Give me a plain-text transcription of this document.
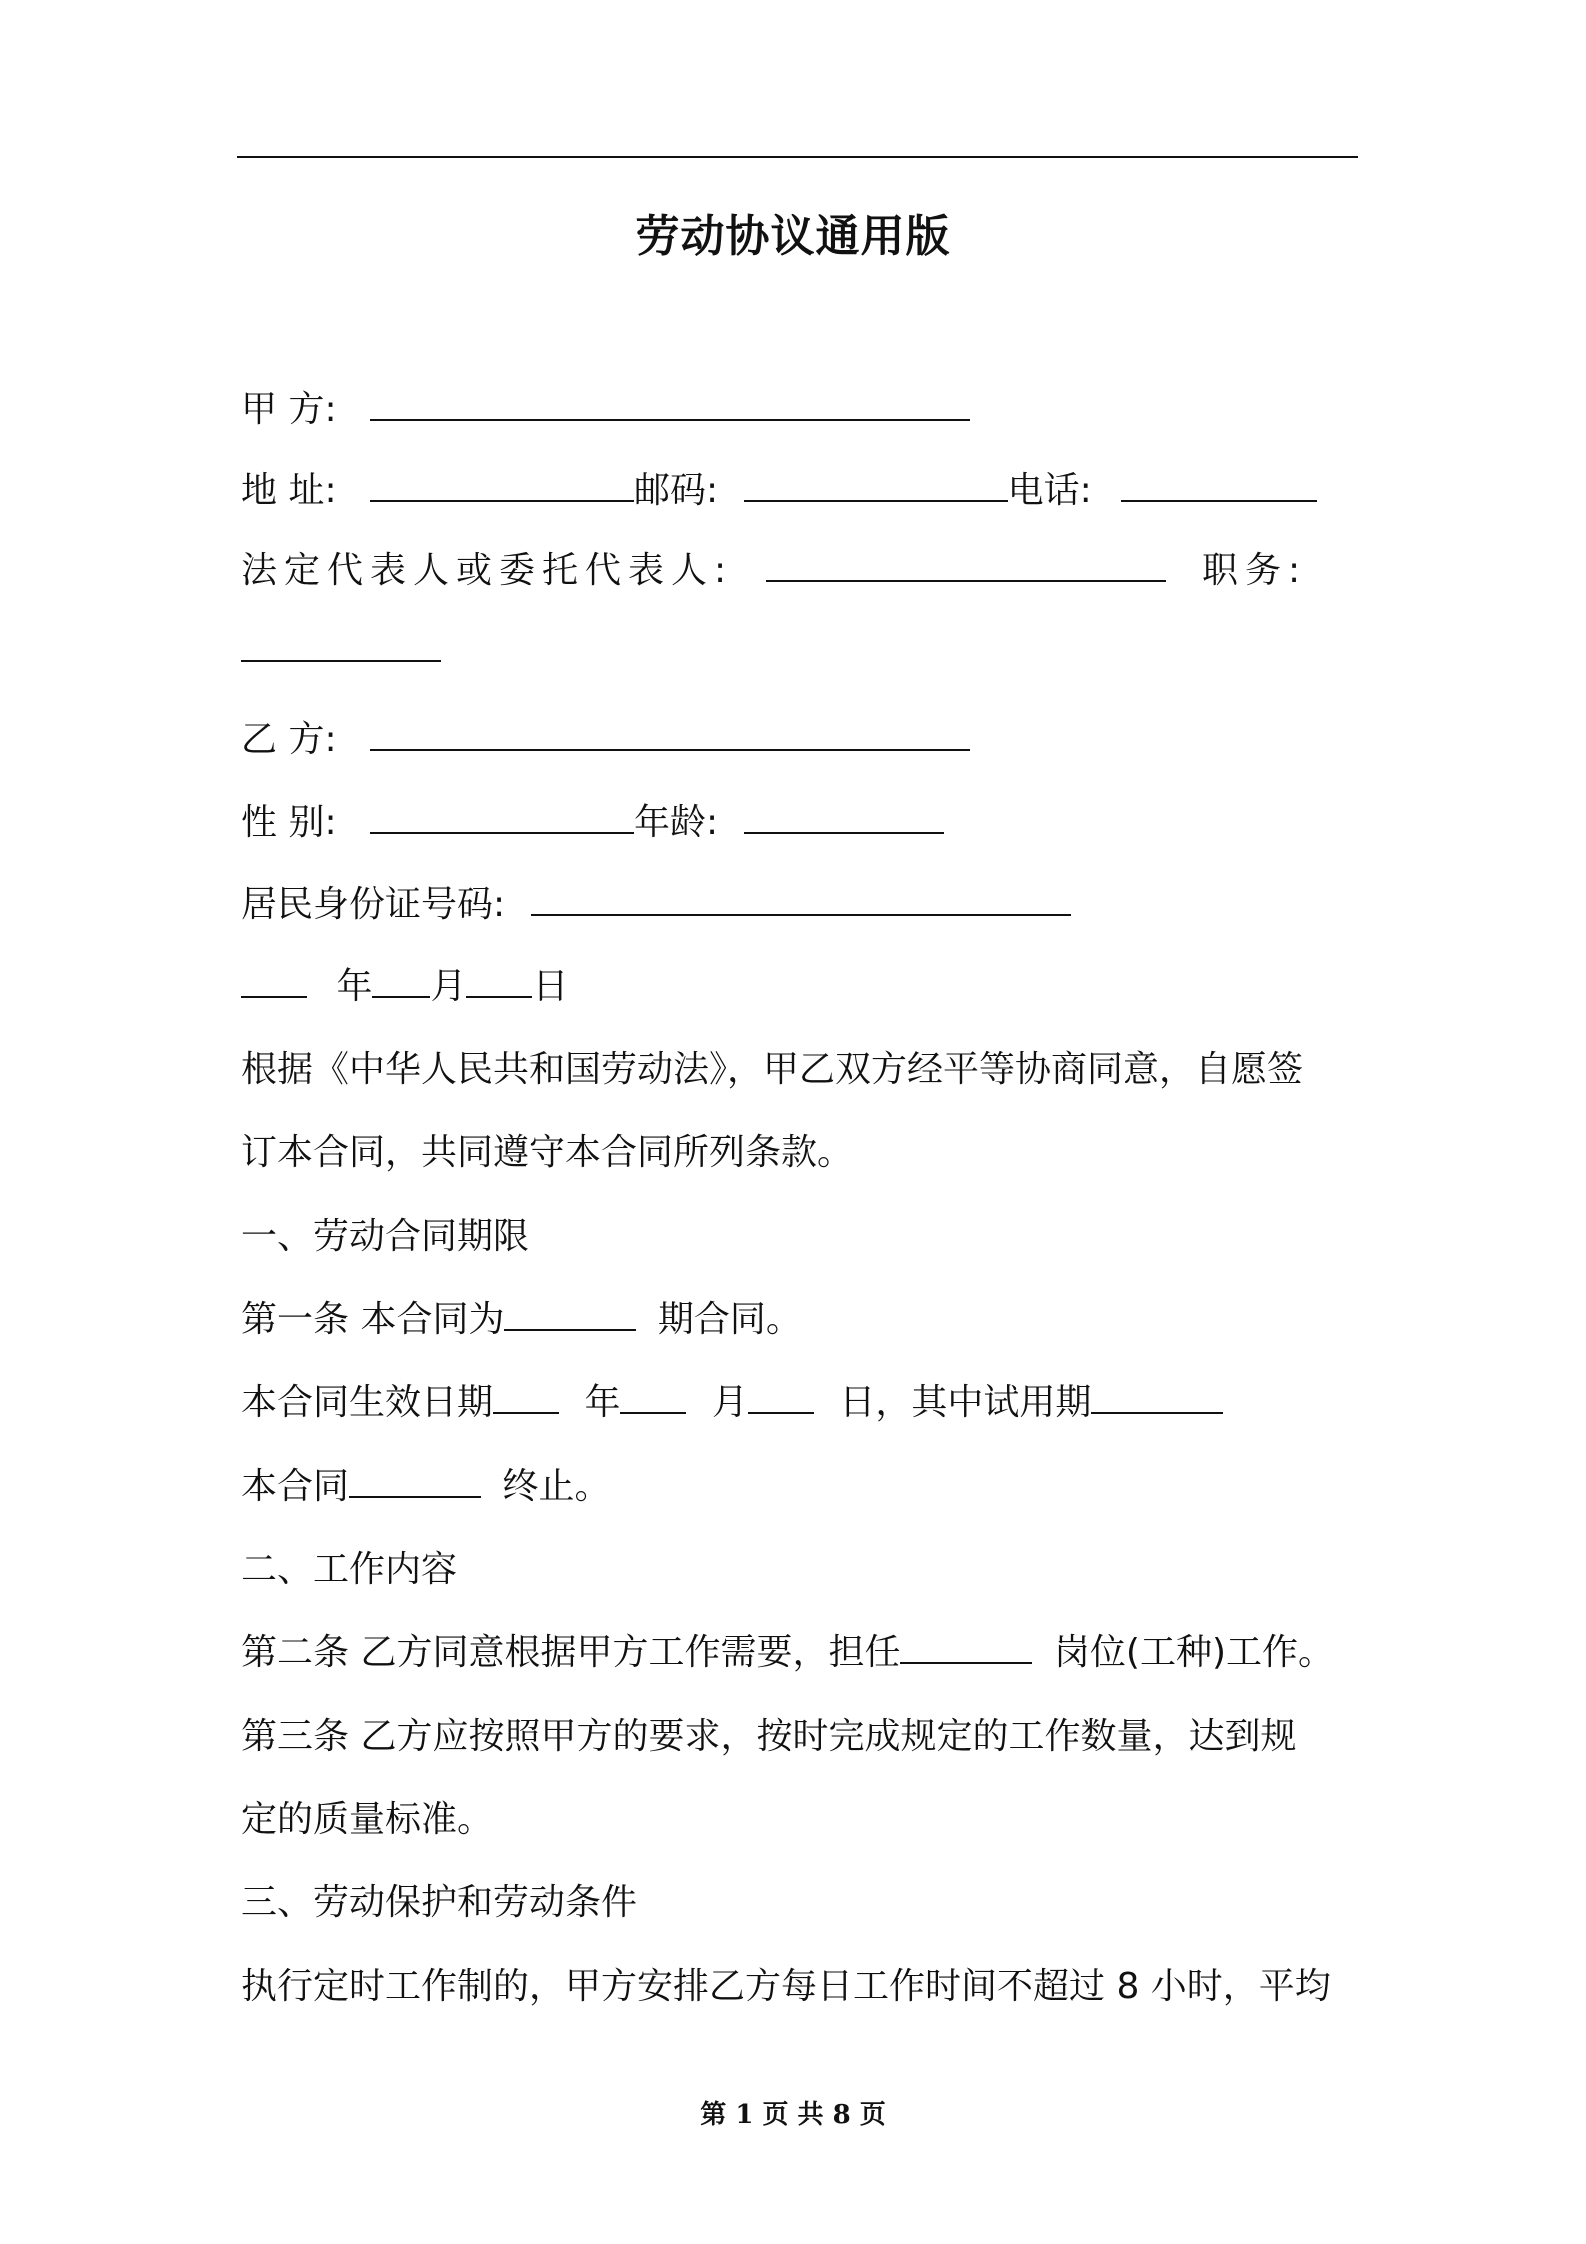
劳动协议通用版
甲 方:
地 址:	邮码:	电话:
法定代表人或委托代表人:	职务:
乙 方:
性 别:	年龄:
居民身份证号码:
年 月 日
根据《中华人民共和国劳动法》，甲乙双方经平等协商同意，自愿签
订本合同，共同遵守本合同所列条款。
一、劳动合同期限
第一条 本合同为	期合同。
本合同生效日期	年	月	日，其中试用期
本合同	终止。
二、工作内容
第二条 乙方同意根据甲方工作需要，担任	岗位(工种)工作。
第三条 乙方应按照甲方的要求，按时完成规定的工作数量，达到规
定的质量标准。
三、劳动保护和劳动条件
执行定时工作制的，甲方安排乙方每日工作时间不超过 8 小时，平均
第 1 页 共 8 页
